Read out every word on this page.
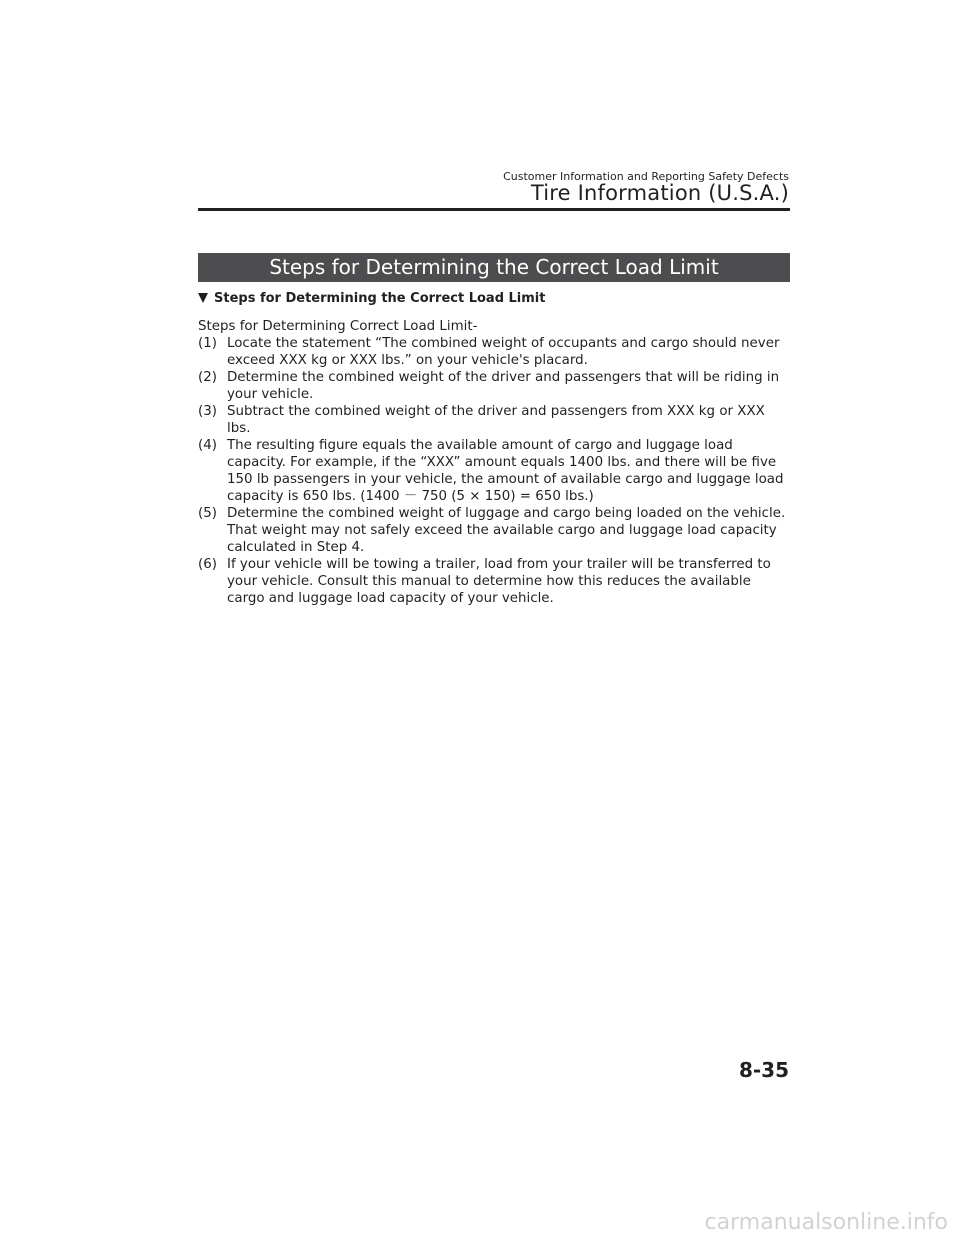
Customer Information and Reporting Safety Defects
Tire Information (U.S.A.)
Steps for Determining the Correct Load Limit
Steps for Determining the Correct Load Limit

Steps for Determining Correct Load Limit-

(1) Locate the statement “The combined weight of occupants and cargo should never exceed XXX kg or XXX lbs.” on your vehicle's placard.
(2) Determine the combined weight of the driver and passengers that will be riding in your vehicle.
(3) Subtract the combined weight of the driver and passengers from XXX kg or XXX lbs.
(4) The resulting figure equals the available amount of cargo and luggage load capacity. For example, if the “XXX” amount equals 1400 lbs. and there will be five 150 lb passengers in your vehicle, the amount of available cargo and luggage load capacity is 650 lbs. (1400 － 750 (5 × 150) = 650 lbs.)
(5) Determine the combined weight of luggage and cargo being loaded on the vehicle. That weight may not safely exceed the available cargo and luggage load capacity calculated in Step 4.
(6) If your vehicle will be towing a trailer, load from your trailer will be transferred to your vehicle. Consult this manual to determine how this reduces the available cargo and luggage load capacity of your vehicle.
8-35
carmanualsonline.info
